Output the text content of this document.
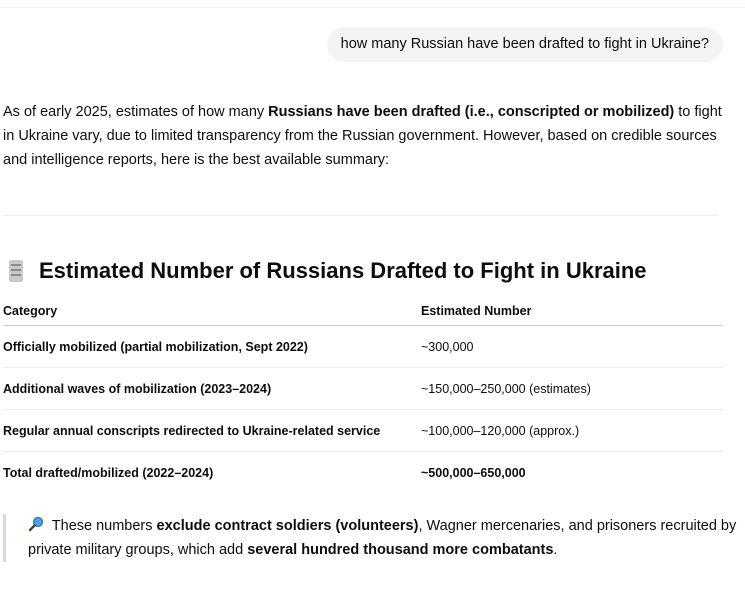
how many Russian have been drafted to fight in Ukraine?

As of early 2025, estimates of how many Russians have been drafted (i.e., conscripted or mobilized) to fight in Ukraine vary, due to limited transparency from the Russian government. However, based on credible sources and intelligence reports, here is the best available summary:

Estimated Number of Russians Drafted to Fight in Ukraine
Category	Estimated Number
Officially mobilized (partial mobilization, Sept 2022)	~300,000
Additional waves of mobilization (2023–2024)	~150,000–250,000 (estimates)
Regular annual conscripts redirected to Ukraine-related service	~100,000–120,000 (approx.)
Total drafted/mobilized (2022–2024)	~500,000–650,000
These numbers exclude contract soldiers (volunteers), Wagner mercenaries, and prisoners recruited by private military groups, which add several hundred thousand more combatants.
